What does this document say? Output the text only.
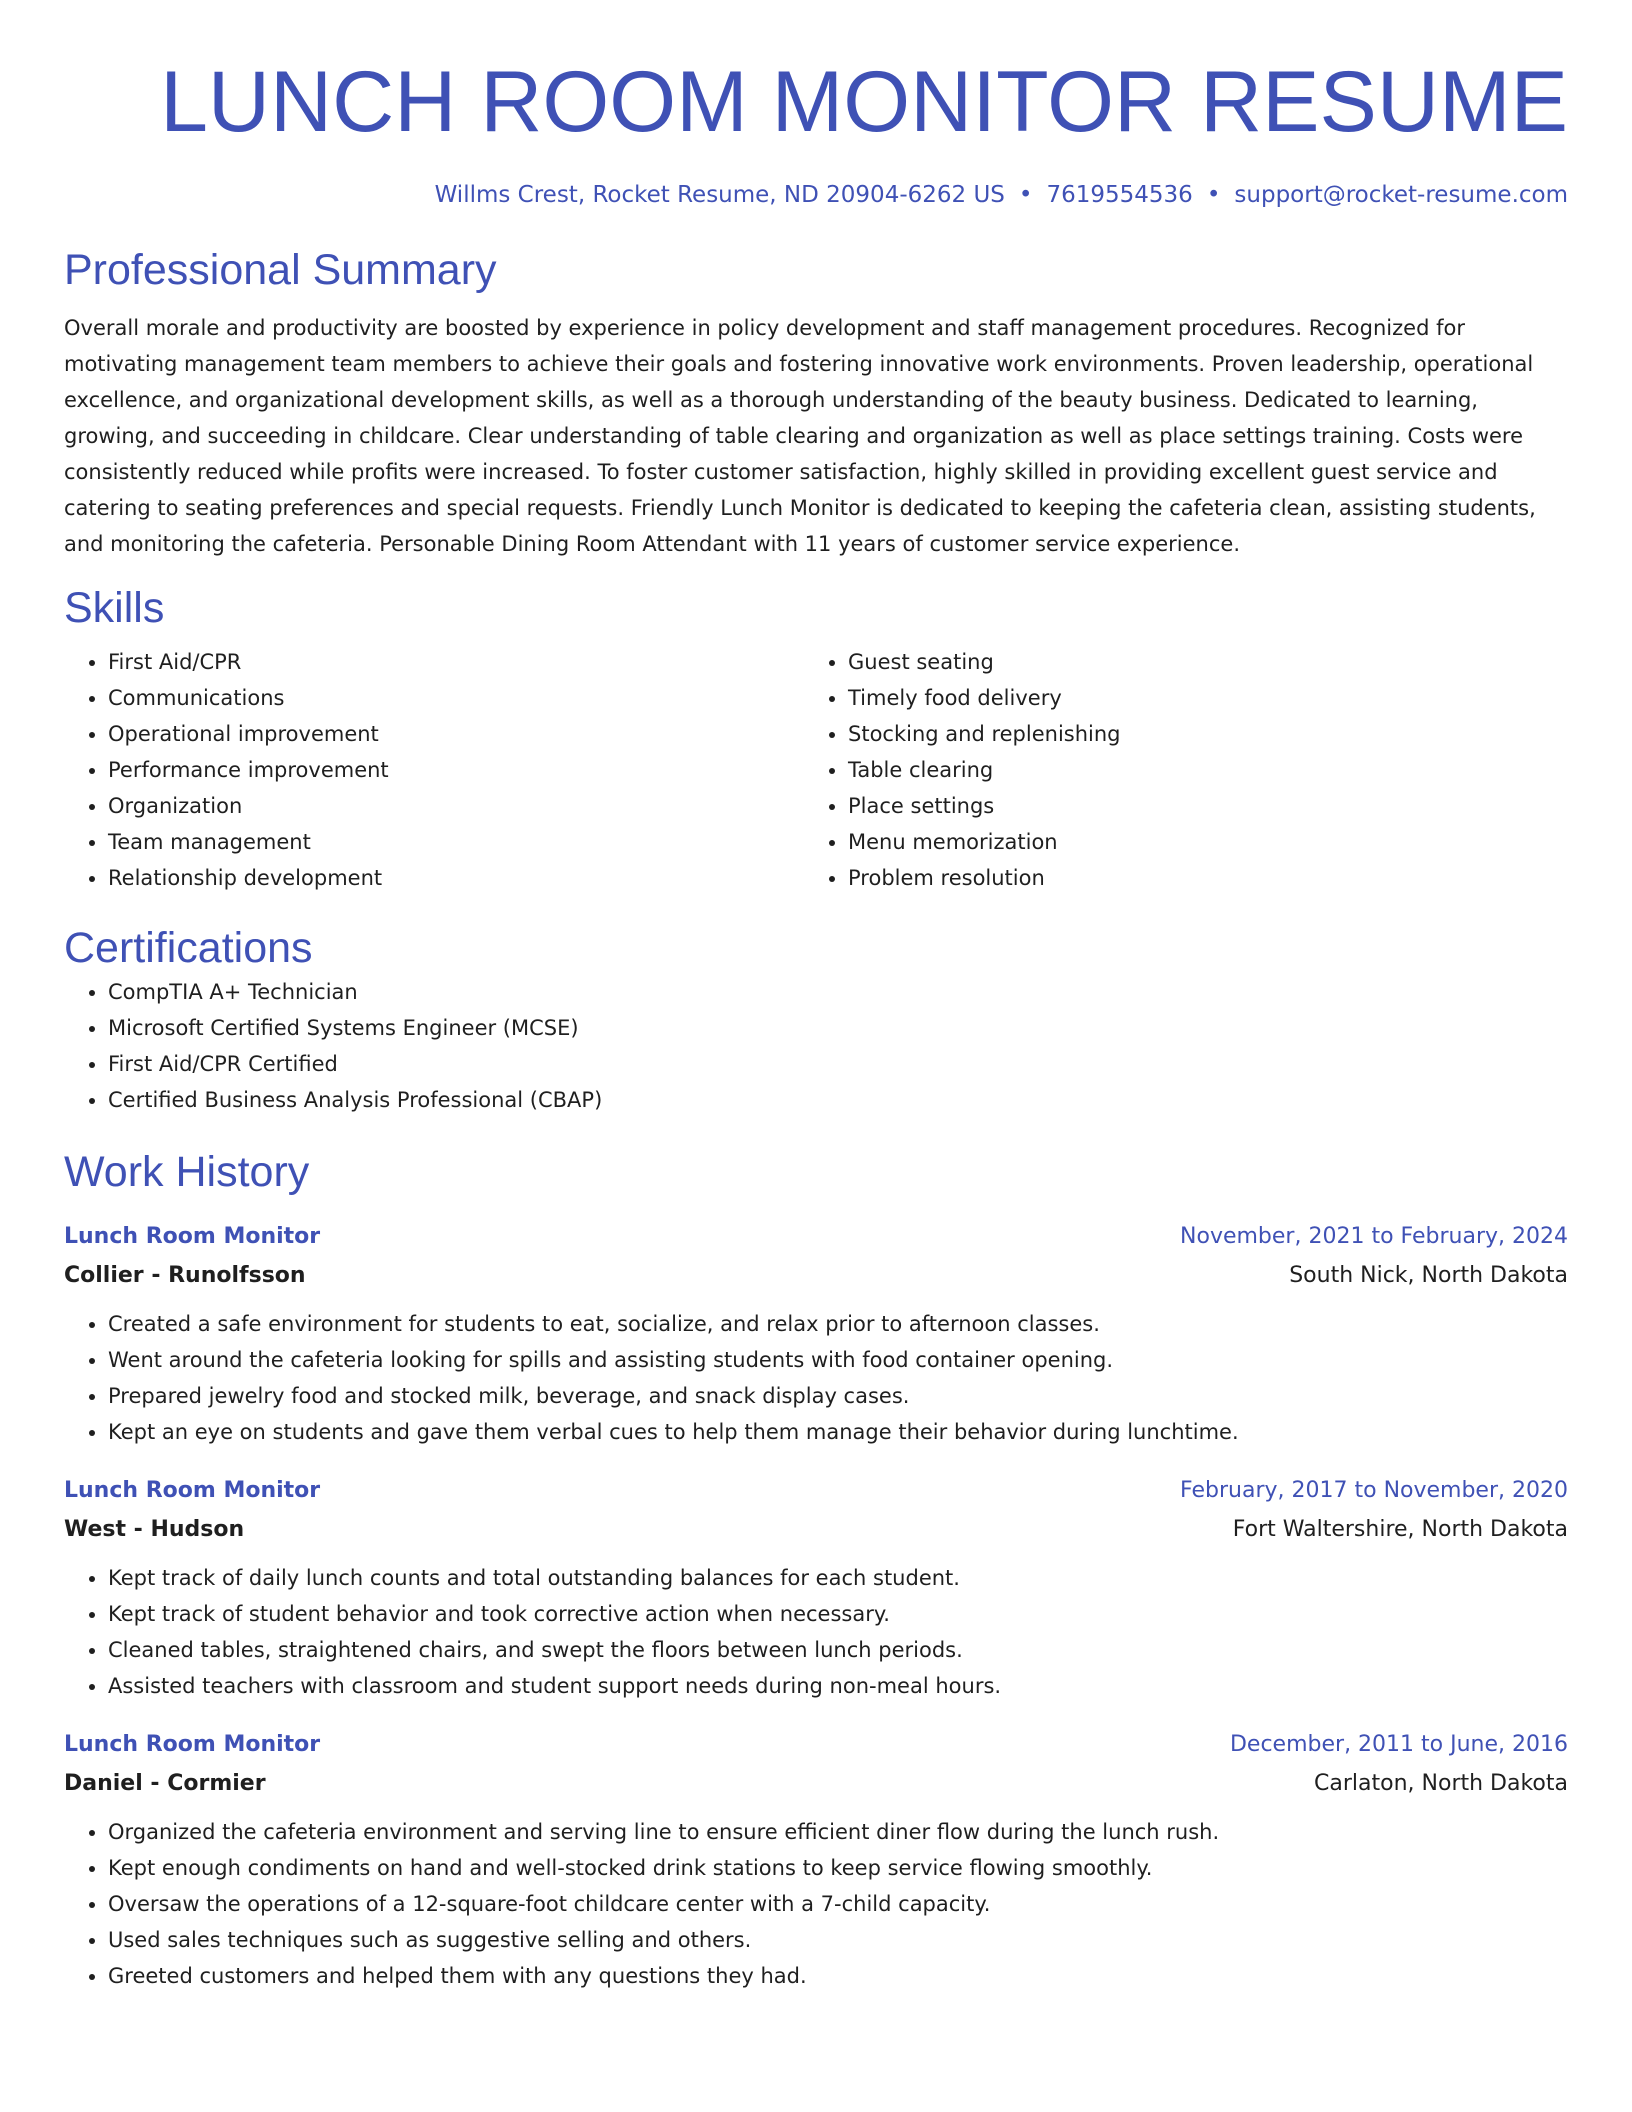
LUNCH ROOM MONITOR RESUME
Willms Crest, Rocket Resume, ND 20904-6262 US • 7619554536 • support@rocket-resume.com
Professional Summary
Overall morale and productivity are boosted by experience in policy development and staff management procedures. Recognized for motivating management team members to achieve their goals and fostering innovative work environments. Proven leadership, operational excellence, and organizational development skills, as well as a thorough understanding of the beauty business. Dedicated to learning, growing, and succeeding in childcare. Clear understanding of table clearing and organization as well as place settings training. Costs were consistently reduced while profits were increased. To foster customer satisfaction, highly skilled in providing excellent guest service and catering to seating preferences and special requests. Friendly Lunch Monitor is dedicated to keeping the cafeteria clean, assisting students, and monitoring the cafeteria. Personable Dining Room Attendant with 11 years of customer service experience.
Skills
• First Aid/CPR
• Communications
• Operational improvement
• Performance improvement
• Organization
• Team management
• Relationship development
• Guest seating
• Timely food delivery
• Stocking and replenishing
• Table clearing
• Place settings
• Menu memorization
• Problem resolution
Certifications
• CompTIA A+ Technician
• Microsoft Certified Systems Engineer (MCSE)
• First Aid/CPR Certified
• Certified Business Analysis Professional (CBAP)
Work History
Lunch Room Monitor	November, 2021 to February, 2024
Collier - Runolfsson	South Nick, North Dakota
• Created a safe environment for students to eat, socialize, and relax prior to afternoon classes.
• Went around the cafeteria looking for spills and assisting students with food container opening.
• Prepared jewelry food and stocked milk, beverage, and snack display cases.
• Kept an eye on students and gave them verbal cues to help them manage their behavior during lunchtime.
Lunch Room Monitor	February, 2017 to November, 2020
West - Hudson	Fort Waltershire, North Dakota
• Kept track of daily lunch counts and total outstanding balances for each student.
• Kept track of student behavior and took corrective action when necessary.
• Cleaned tables, straightened chairs, and swept the floors between lunch periods.
• Assisted teachers with classroom and student support needs during non-meal hours.
Lunch Room Monitor	December, 2011 to June, 2016
Daniel - Cormier	Carlaton, North Dakota
• Organized the cafeteria environment and serving line to ensure efficient diner flow during the lunch rush.
• Kept enough condiments on hand and well-stocked drink stations to keep service flowing smoothly.
• Oversaw the operations of a 12-square-foot childcare center with a 7-child capacity.
• Used sales techniques such as suggestive selling and others.
• Greeted customers and helped them with any questions they had.
